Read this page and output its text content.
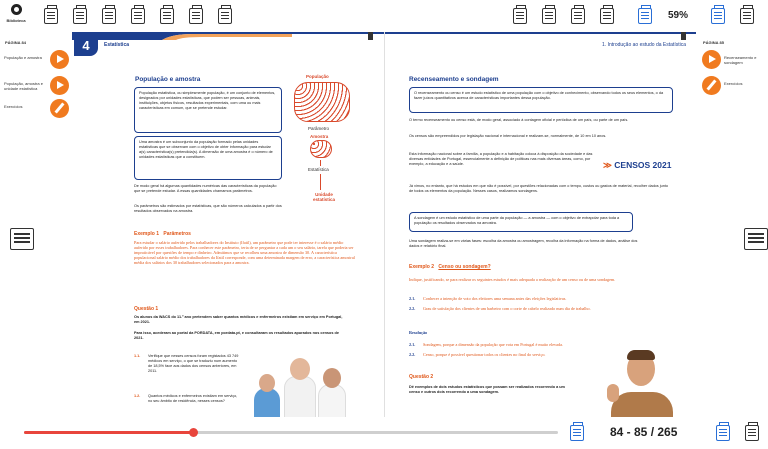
Biblioteca	59%
PÁGINA 84
População e amostra
População, amostra e unidade estatística
Exercícios
PÁGINA 85
Recenseamento e sondagem
Exercícios
4	Estatística
População e amostra
População estatística, ou simplesmente população, é um conjunto de elementos, designados por unidades estatísticas, que podem ser pessoas, animais, instituições, objetos físicos, resultados experimentais, com uma ou mais características em comum, que se pretende estudar.
Uma amostra é um subconjunto da população formado pelas unidades estatísticas que se observam com o objetivo de obter informação para estudar a(s) característica(s) pretendida(s). A dimensão de uma amostra é o número de unidades estatísticas que a constituem.
De modo geral há algumas quantidades numéricas das características da população que se pretende estudar. A essas quantidades chamamos parâmetros.
Os parâmetros são estimados por estatísticas, que são números calculados a partir dos resultados observados na amostra.
População
Parâmetro
Amostra
Estatística
Unidade estatística
Exemplo 1 Parâmetros
Para estudar o salário auferido pelos trabalhadores do Instituto (Ifatil), um parâmetro que pode ter interesse é o salário médio auferido por esses trabalhadores. Para conhecer este parâmetro, teria de se perguntar a cada um o seu salário, tarefa que poderia ser impraticável por questões de tempo e dinheiro. Admitimos que se recolheu uma amostra de dimensão 30. A característica populacional salário médio dos trabalhadores da Ifatil corresponde, com uma determinada margem de erro, a característica amostral média dos salários dos 30 trabalhadores selecionados para a amostra.
Questão 1
Os alunos da WACS do 11.º ano pretendem saber quantos médicos e enfermeiros existiam em serviço em Portugal, em 2021.
Para isso, acederam ao portal da PORDATA, em pordata.pt, e consultaram os resultados apurados nos censos de 2021.
1.1.	Verifique que nesses censos foram registados 43 749 médicos em serviço, o que se traduziu num aumento de 18,5% face aos dados dos censos anteriores, em 2011.
1.2.	Quantos médicos e enfermeiros existiam em serviço, no seu âmbito de residência, nesses censos?
1. Introdução ao estudo da Estatística
Recenseamento e sondagem
O recenseamento ou censo é um estudo estatístico de uma população com o objetivo de conhecimento, observando todos os seus elementos, o da fazer juízos quantitativos acerca de características importantes dessa população.
O termo recenseamento ou censo está, de modo geral, associado à contagem oficial e periódica de um país, ou parte de um país.
Os censos são empreendidos por legislação nacional e internacional e realizam-se, normalmente, de 10 em 10 anos.
Esta informação nacional sobre a família, a população e a habitação coloca à disposição da sociedade e das diversas entidades de Portugal, essencialmente a definição de políticas nas mais diversas áreas, como, por exemplo, a educação e a saúde.	≫ CENSOS 2021
Já vimos, no entanto, que há estudos em que não é possível, por questões relacionadas com o tempo, custos ou gastos de material, recolher dados junto de todos os elementos da população. Nesses casos, realizamos sondagens.
A sondagem é um estudo estatístico de uma parte da população — a amostra — com o objetivo de extrapolar para toda a população os resultados observados na amostra.
Uma sondagem realiza-se em várias fases: escolha da amostra ou amostragem, recolha da informação na forma de dados, análise dos dados e relatório final.
Exemplo 2 Censo ou sondagem?
Indique, justificando, se para realizar os seguintes estudos é mais adequada a realização de um censo ou de uma sondagem.
2.1.	Conhecer a intenção de voto dos eleitores uma semana antes das eleições legislativas.
2.2.	Grau de satisfação dos clientes de um barbeiro com o corte de cabelo realizado num dia de trabalho.
Resolução
2.1.	Sondagem, porque a dimensão da população que vota em Portugal é muito elevada.
2.2.	Censo, porque é possível questionar todos os clientes no final do serviço.
Questão 2
Dê exemplos de dois estudos estatísticos que possam ser realizados recorrendo a um censo e outros dois recorrendo a uma sondagem.
84 - 85 / 265
